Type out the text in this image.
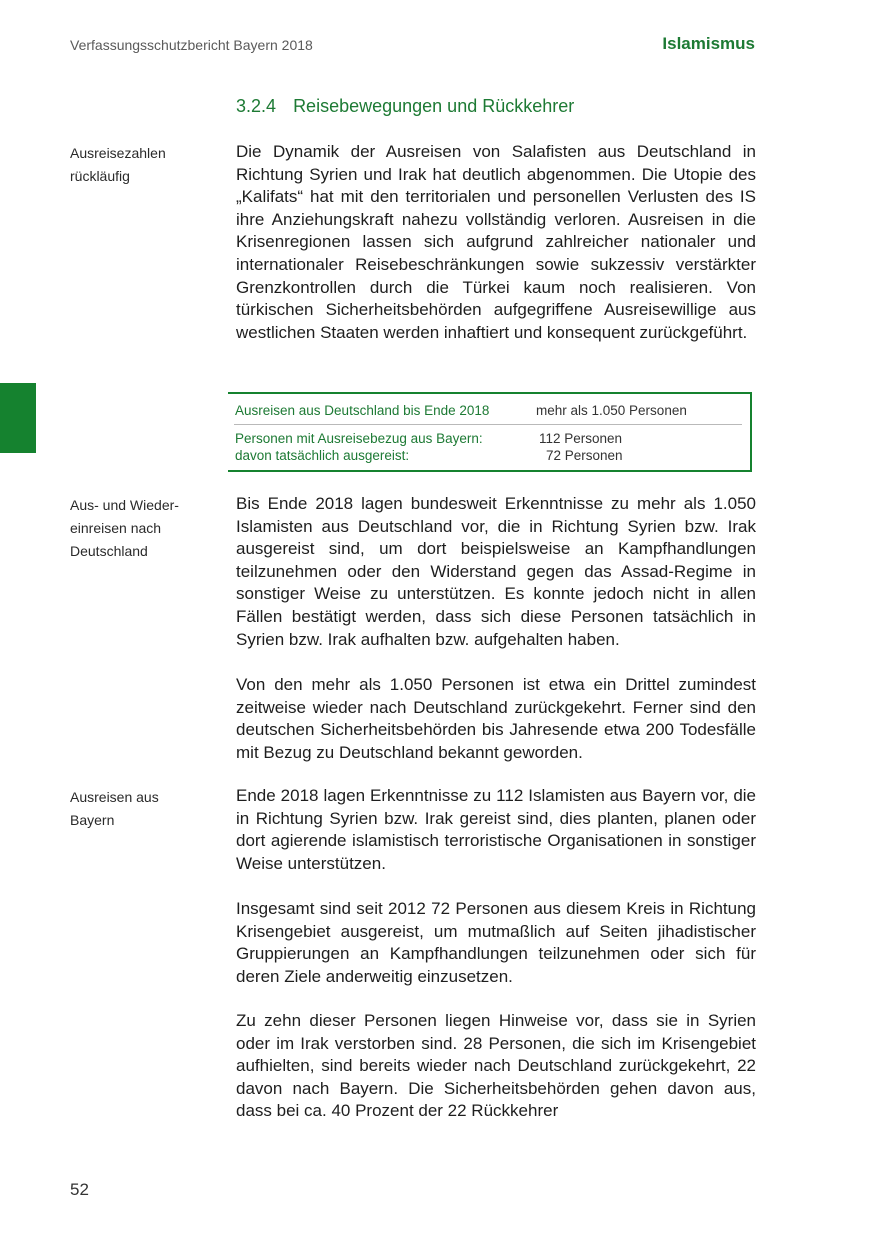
Verfassungsschutzbericht Bayern 2018	Islamismus
3.2.4 Reisebewegungen und Rückkehrer
Ausreisezahlen
rückläufig

Die Dynamik der Ausreisen von Salafisten aus Deutschland in Richtung Syrien und Irak hat deutlich abgenommen. Die Utopie des „Kalifats“ hat mit den territorialen und personellen Verlusten des IS ihre Anziehungskraft nahezu vollständig verloren. Ausreisen in die Krisenregionen lassen sich aufgrund zahlreicher nationaler und internationaler Reisebeschränkungen sowie sukzessiv verstärkter Grenzkontrollen durch die Türkei kaum noch realisieren. Von türkischen Sicherheitsbehörden aufgegriffene Ausreisewillige aus westlichen Staaten werden inhaftiert und konsequent zurückgeführt.

Ausreisen aus Deutschland bis Ende 2018	mehr als 1.050 Personen
Personen mit Ausreisebezug aus Bayern:	112 Personen
davon tatsächlich ausgereist:	72 Personen
Aus- und Wieder-
einreisen nach
Deutschland

Bis Ende 2018 lagen bundesweit Erkenntnisse zu mehr als 1.050 Islamisten aus Deutschland vor, die in Richtung Syrien bzw. Irak ausgereist sind, um dort beispielsweise an Kampfhandlungen teilzunehmen oder den Widerstand gegen das Assad-Regime in sonstiger Weise zu unterstützen. Es konnte jedoch nicht in allen Fällen bestätigt werden, dass sich diese Personen tatsächlich in Syrien bzw. Irak aufhalten bzw. aufgehalten haben.

Von den mehr als 1.050 Personen ist etwa ein Drittel zumindest zeitweise wieder nach Deutschland zurückgekehrt. Ferner sind den deutschen Sicherheitsbehörden bis Jahresende etwa 200 Todesfälle mit Bezug zu Deutschland bekannt geworden.

Ausreisen aus
Bayern

Ende 2018 lagen Erkenntnisse zu 112 Islamisten aus Bayern vor, die in Richtung Syrien bzw. Irak gereist sind, dies planten, planen oder dort agierende islamistisch terroristische Organisationen in sonstiger Weise unterstützen.

Insgesamt sind seit 2012 72 Personen aus diesem Kreis in Richtung Krisengebiet ausgereist, um mutmaßlich auf Seiten jihadistischer Gruppierungen an Kampfhandlungen teilzunehmen oder sich für deren Ziele anderweitig einzusetzen.

Zu zehn dieser Personen liegen Hinweise vor, dass sie in Syrien oder im Irak verstorben sind. 28 Personen, die sich im Krisengebiet aufhielten, sind bereits wieder nach Deutschland zurückgekehrt, 22 davon nach Bayern. Die Sicherheitsbehörden gehen davon aus, dass bei ca. 40 Prozent der 22 Rückkehrer

52
